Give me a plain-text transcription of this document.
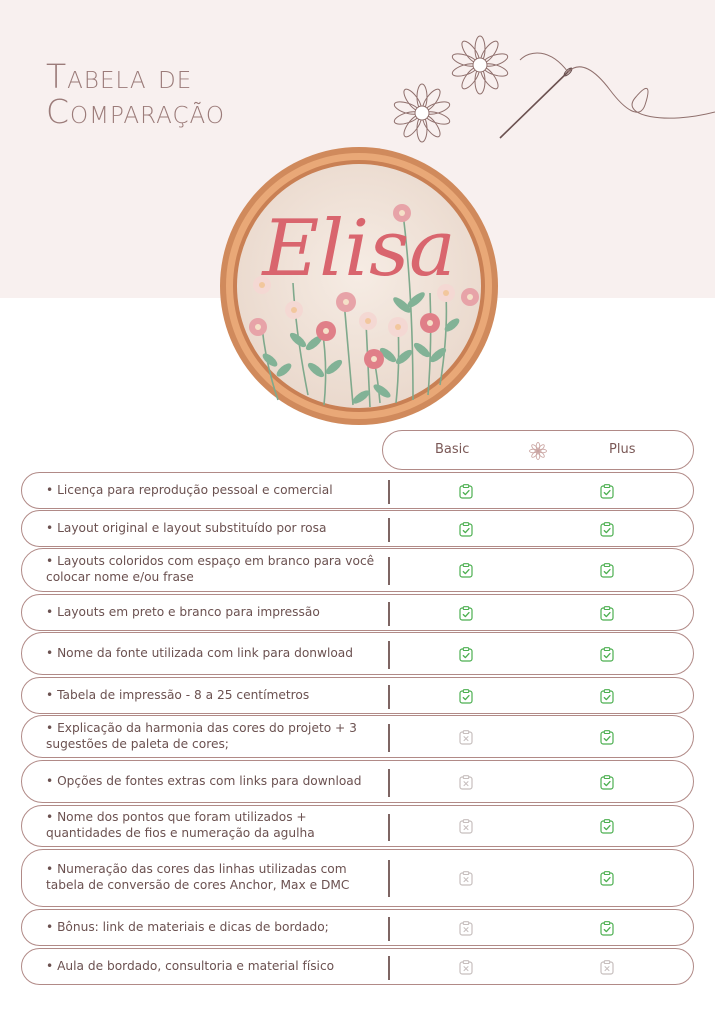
Tabela de
Comparação
Elisa
Basic	Plus
• Licença para reprodução pessoal e comercial
• Layout original e layout substituído por rosa
• Layouts coloridos com espaço em branco para você colocar nome e/ou frase
• Layouts em preto e branco para impressão
• Nome da fonte utilizada com link para donwload
• Tabela de impressão - 8 a 25 centímetros
• Explicação da harmonia das cores do projeto + 3 sugestões de paleta de cores;
• Opções de fontes extras com links para download
• Nome dos pontos que foram utilizados + quantidades de fios e numeração da agulha
• Numeração das cores das linhas utilizadas com tabela de conversão de cores Anchor, Max e DMC
• Bônus: link de materiais e dicas de bordado;
• Aula de bordado, consultoria e material físico
